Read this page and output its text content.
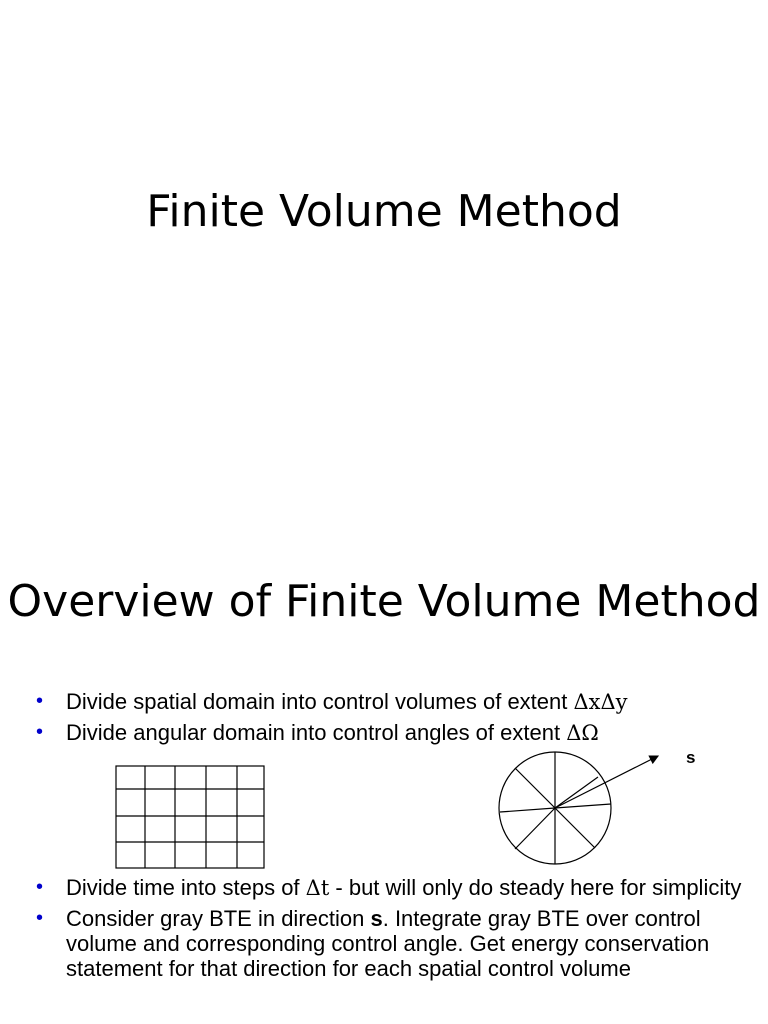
Finite Volume Method
Overview of Finite Volume Method
• Divide spatial domain into control volumes of extent ΔxΔy
• Divide angular domain into control angles of extent ΔΩ
s
• Divide time into steps of Δt - but will only do steady here for simplicity
• Consider gray BTE in direction s. Integrate gray BTE over control volume and corresponding control angle. Get energy conservation statement for that direction for each spatial control volume
